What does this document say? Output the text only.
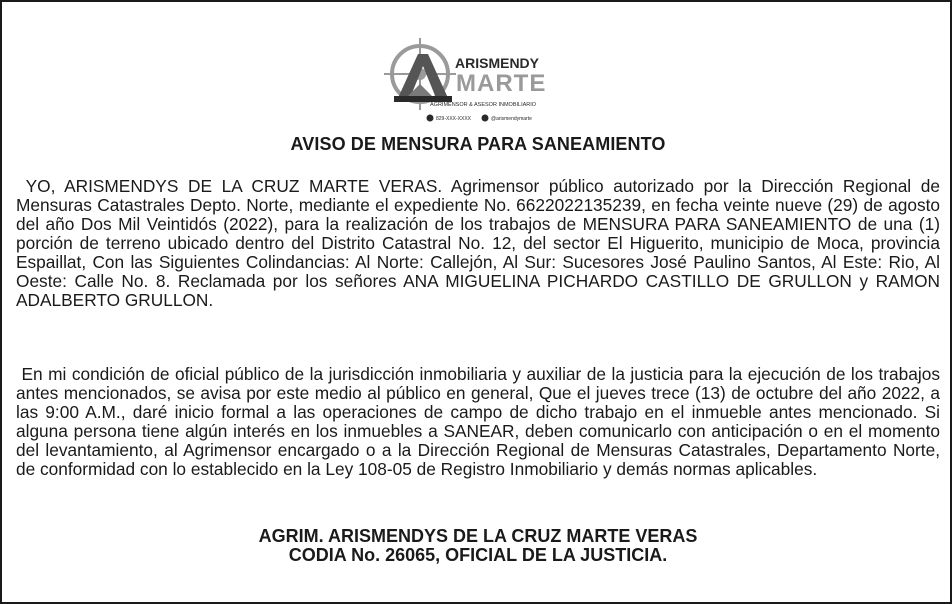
ARISMENDY
MARTE
AGRIMENSOR & ASESOR INMOBILIARIO
829-XXX-XXXX	@arismendymarte
AVISO DE MENSURA PARA SANEAMIENTO
YO, ARISMENDYS DE LA CRUZ MARTE VERAS. Agrimensor público autorizado por la Dirección Regional de Mensuras Catastrales Depto. Norte, mediante el expediente No. 6622022135239, en fecha veinte nueve (29) de agosto del año Dos Mil Veintidós (2022), para la realización de los trabajos de MENSURA PARA SANEAMIENTO de una (1) porción de terreno ubicado dentro del Distrito Catastral No. 12, del sector El Higuerito, municipio de Moca, provincia Espaillat, Con las Siguientes Colindancias: Al Norte: Callejón, Al Sur: Sucesores José Paulino Santos, Al Este: Rio, Al Oeste: Calle No. 8. Reclamada por los señores ANA MIGUELINA PICHARDO CASTILLO DE GRULLON y RAMON ADALBERTO GRULLON.
En mi condición de oficial público de la jurisdicción inmobiliaria y auxiliar de la justicia para la ejecución de los trabajos antes mencionados, se avisa por este medio al público en general, Que el jueves trece (13) de octubre del año 2022, a las 9:00 A.M., daré inicio formal a las operaciones de campo de dicho trabajo en el inmueble antes mencionado. Si alguna persona tiene algún interés en los inmuebles a SANEAR, deben comunicarlo con anticipación o en el momento del levantamiento, al Agrimensor encargado o a la Dirección Regional de Mensuras Catastrales, Departamento Norte, de conformidad con lo establecido en la Ley 108-05 de Registro Inmobiliario y demás normas aplicables.
AGRIM. ARISMENDYS DE LA CRUZ MARTE VERAS
CODIA No. 26065, OFICIAL DE LA JUSTICIA.
